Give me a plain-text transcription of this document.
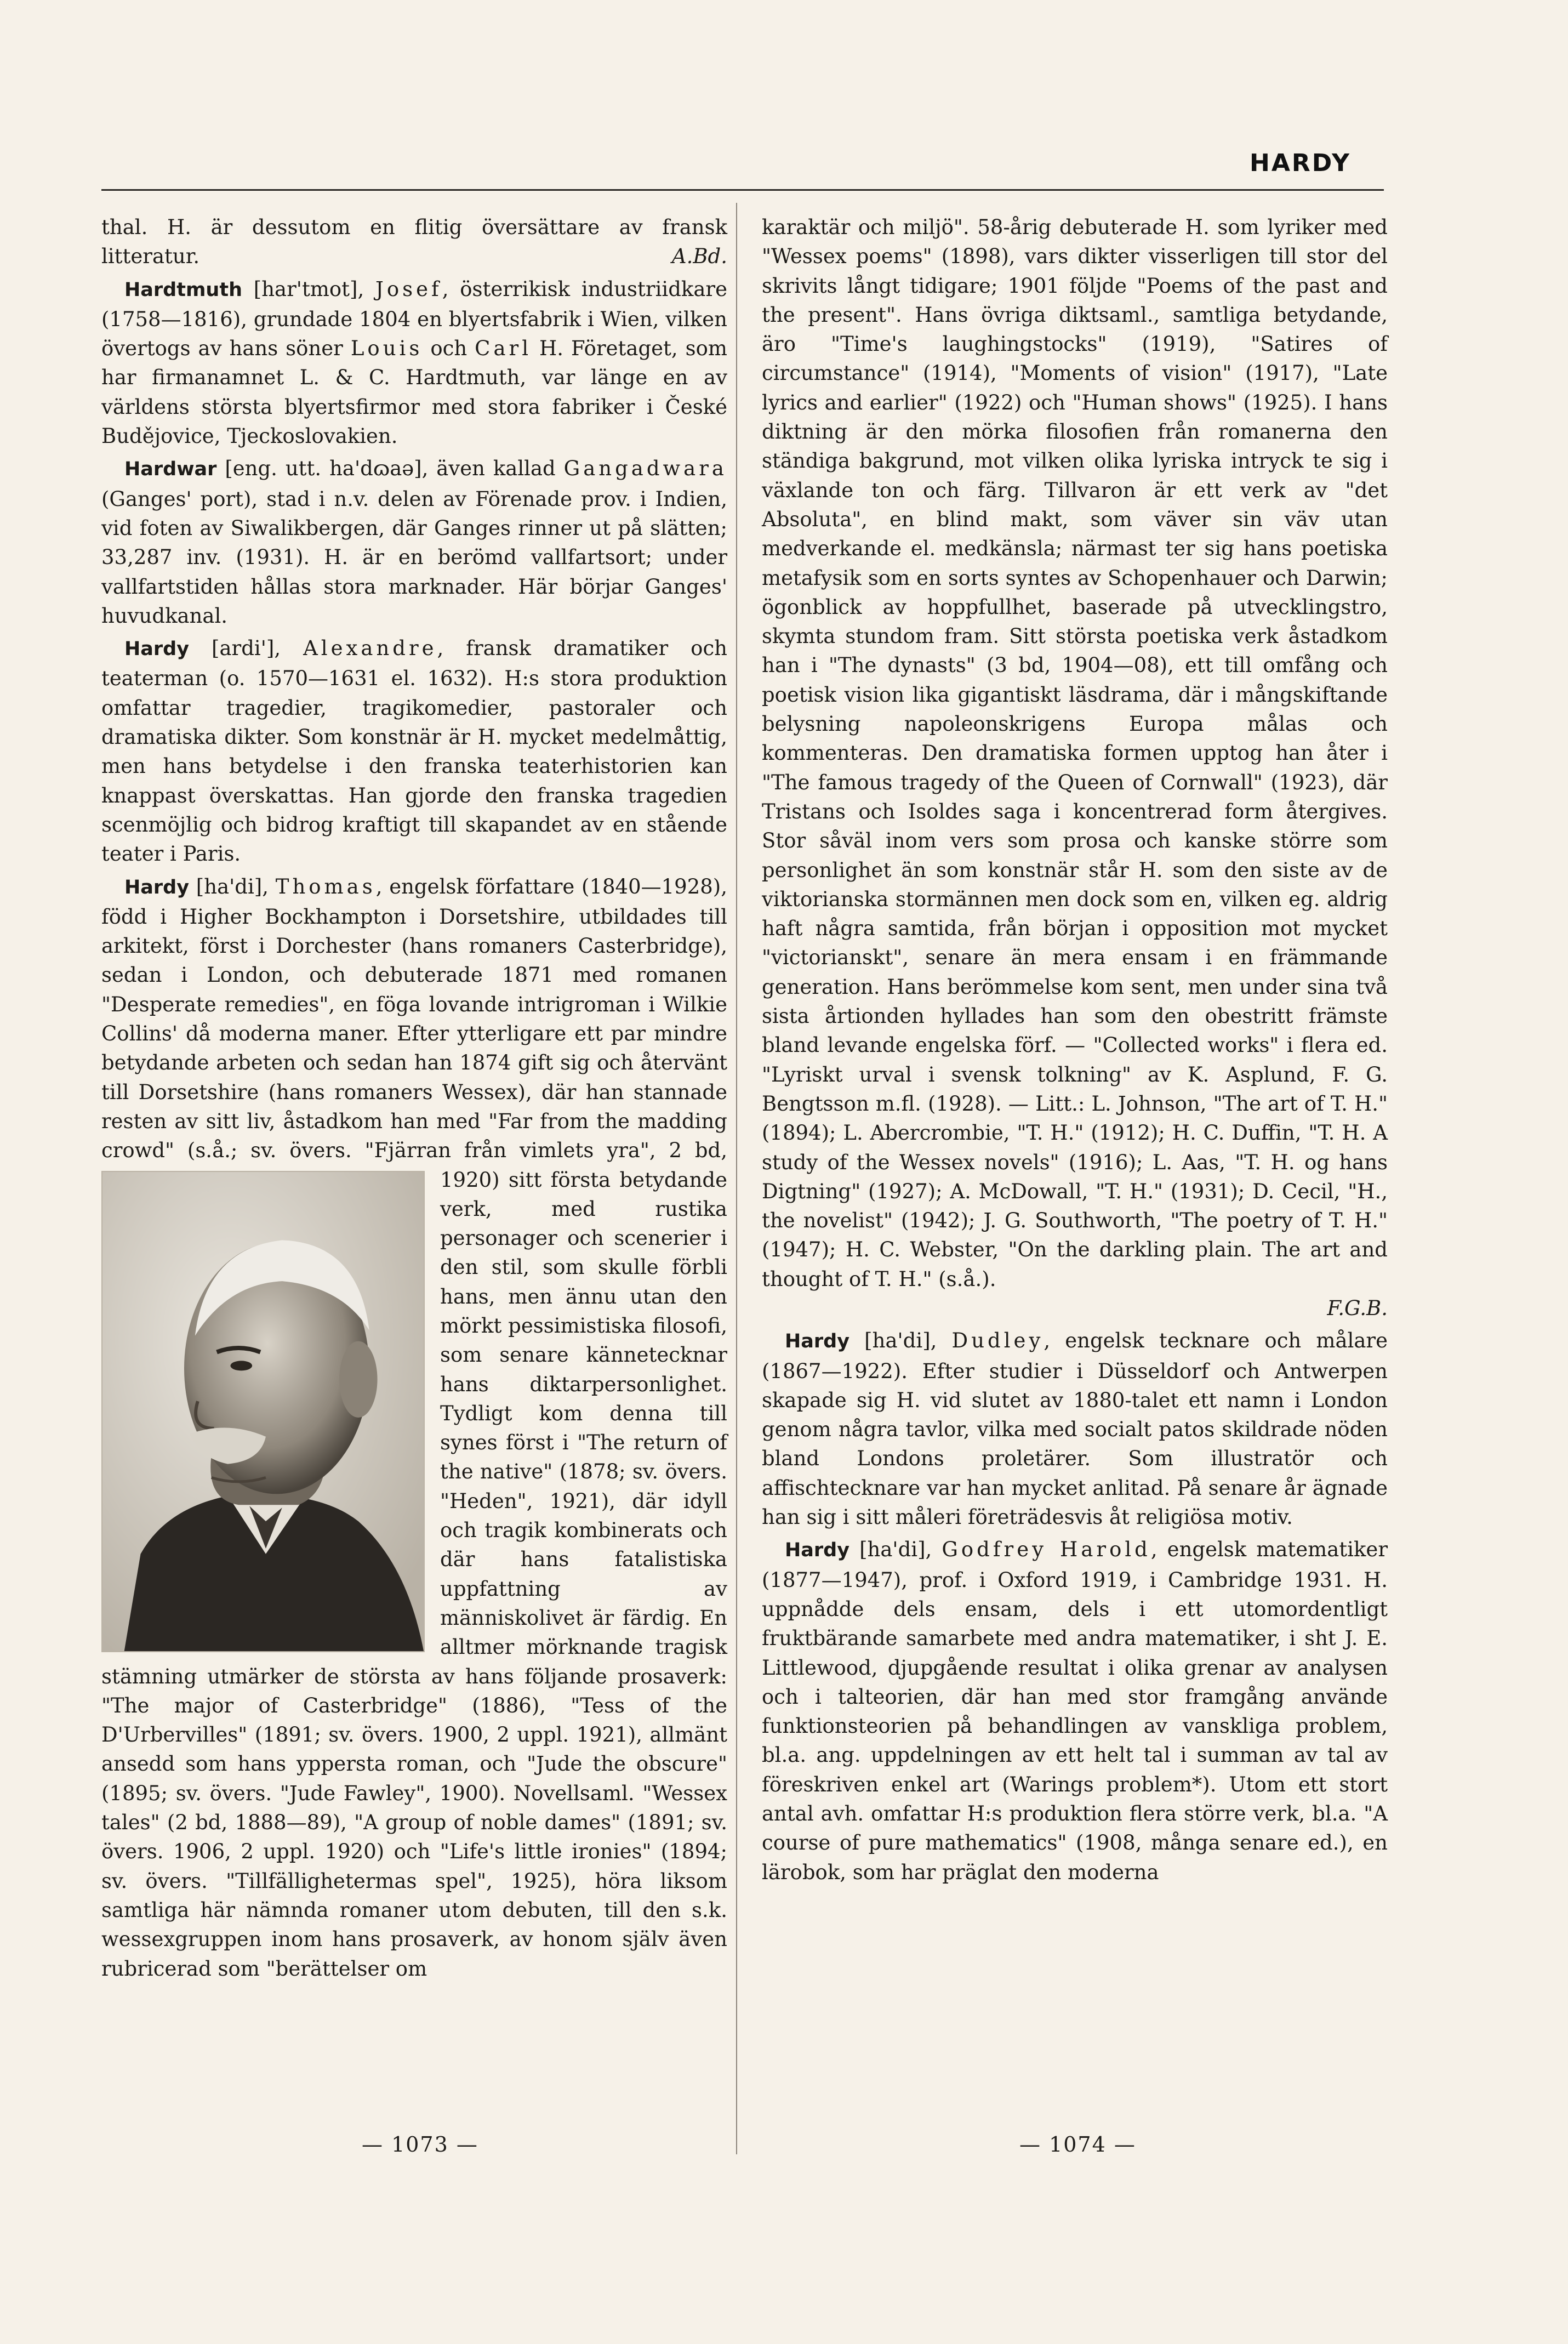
HARDY

thal. H. är dessutom en flitig översättare av fransk litteratur.	A.Bd.

Hardtmuth [har'tmot], Josef, österrikisk industriidkare (1758—1816), grundade 1804 en blyertsfabrik i Wien, vilken övertogs av hans söner Louis och Carl H. Företaget, som har firmanamnet L. & C. Hardtmuth, var länge en av världens största blyertsfirmor med stora fabriker i České Budějovice, Tjeckoslovakien.

Hardwar [eng. utt. ha'dɷaə], även kallad Gangadwara (Ganges' port), stad i n.v. delen av Förenade prov. i Indien, vid foten av Siwalikbergen, där Ganges rinner ut på slätten; 33,287 inv. (1931). H. är en berömd vallfartsort; under vallfartstiden hållas stora marknader. Här börjar Ganges' huvudkanal.

Hardy [ardi'], Alexandre, fransk dramatiker och teaterman (o. 1570—1631 el. 1632). H:s stora produktion omfattar tragedier, tragikomedier, pastoraler och dramatiska dikter. Som konstnär är H. mycket medelmåttig, men hans betydelse i den franska teaterhistorien kan knappast överskattas. Han gjorde den franska tragedien scenmöjlig och bidrog kraftigt till skapandet av en stående teater i Paris.

Hardy [ha'di], Thomas, engelsk författare (1840—1928), född i Higher Bockhampton i Dorsetshire, utbildades till arkitekt, först i Dorchester (hans romaners Casterbridge), sedan i London, och debuterade 1871 med romanen "Desperate remedies", en föga lovande intrigroman i Wilkie Collins' då moderna maner. Efter ytterligare ett par mindre betydande arbeten och sedan han 1874 gift sig och återvänt till Dorsetshire (hans romaners Wessex), där han stannade resten av sitt liv, åstadkom han med "Far from the madding crowd" (s.å.; sv. övers. "Fjärran från vimlets yra",
2 bd, 1920) sitt första betydande verk, med rustika personager och scenerier i den stil, som skulle förbli hans, men ännu utan den mörkt pessimistiska filosofi, som senare kännetecknar hans diktarpersonlighet. Tydligt kom denna till synes först i "The return of the native" (1878; sv. övers. "Heden", 1921), där idyll och tragik kombinerats och där hans fatalistiska uppfattning av människolivet är färdig. En alltmer mörknande tragisk stämning utmärker de största av hans följande prosaverk: "The major of Casterbridge" (1886), "Tess of the D'Urbervilles" (1891; sv. övers. 1900, 2 uppl. 1921), allmänt ansedd som hans yppersta roman, och "Jude the obscure" (1895; sv. övers. "Jude Fawley", 1900). Novellsaml. "Wessex tales" (2 bd, 1888—89), "A group of noble dames" (1891; sv. övers. 1906, 2 uppl. 1920) och "Life's little ironies" (1894; sv. övers. "Tillfällighetermas spel", 1925), höra liksom samtliga här nämnda romaner utom debuten, till den s.k. wessexgruppen inom hans prosaverk, av honom själv även rubricerad som "berättelser om

karaktär och miljö". 58-årig debuterade H. som lyriker med "Wessex poems" (1898), vars dikter visserligen till stor del skrivits långt tidigare; 1901 följde "Poems of the past and the present". Hans övriga diktsaml., samtliga betydande, äro "Time's laughingstocks" (1919), "Satires of circumstance" (1914), "Moments of vision" (1917), "Late lyrics and earlier" (1922) och "Human shows" (1925). I hans diktning är den mörka filosofien från romanerna den ständiga bakgrund, mot vilken olika lyriska intryck te sig i växlande ton och färg. Tillvaron är ett verk av "det Absoluta", en blind makt, som väver sin väv utan medverkande el. medkänsla; närmast ter sig hans poetiska metafysik som en sorts syntes av Schopenhauer och Darwin; ögonblick av hoppfullhet, baserade på utvecklingstro, skymta stundom fram. Sitt största poetiska verk åstadkom han i "The dynasts" (3 bd, 1904—08), ett till omfång och poetisk vision lika gigantiskt läsdrama, där i mångskiftande belysning napoleonskrigens Europa målas och kommenteras. Den dramatiska formen upptog han åter i "The famous tragedy of the Queen of Cornwall" (1923), där Tristans och Isoldes saga i koncentrerad form återgives. Stor såväl inom vers som prosa och kanske större som personlighet än som konstnär står H. som den siste av de viktorianska stormännen men dock som en, vilken eg. aldrig haft några samtida, från början i opposition mot mycket "victorianskt", senare än mera ensam i en främmande generation. Hans berömmelse kom sent, men under sina två sista årtionden hyllades han som den obestritt främste bland levande engelska förf. — "Collected works" i flera ed. "Lyriskt urval i svensk tolkning" av K. Asplund, F. G. Bengtsson m.fl. (1928). — Litt.: L. Johnson, "The art of T. H." (1894); L. Abercrombie, "T. H." (1912); H. C. Duffin, "T. H. A study of the Wessex novels" (1916); L. Aas, "T. H. og hans Digtning" (1927); A. McDowall, "T. H." (1931); D. Cecil, "H., the novelist" (1942); J. G. Southworth, "The poetry of T. H." (1947); H. C. Webster, "On the darkling plain. The art and thought of T. H." (s.å.).
F.G.B.

Hardy [ha'di], Dudley, engelsk tecknare och målare (1867—1922). Efter studier i Düsseldorf och Antwerpen skapade sig H. vid slutet av 1880-talet ett namn i London genom några tavlor, vilka med socialt patos skildrade nöden bland Londons proletärer. Som illustratör och affischtecknare var han mycket anlitad. På senare år ägnade han sig i sitt måleri företrädesvis åt religiösa motiv.

Hardy [ha'di], Godfrey Harold, engelsk matematiker (1877—1947), prof. i Oxford 1919, i Cambridge 1931. H. uppnådde dels ensam, dels i ett utomordentligt fruktbärande samarbete med andra matematiker, i sht J. E. Littlewood, djupgående resultat i olika grenar av analysen och i talteorien, där han med stor framgång använde funktionsteorien på behandlingen av vanskliga problem, bl.a. ang. uppdelningen av ett helt tal i summan av tal av föreskriven enkel art (Warings problem*). Utom ett stort antal avh. omfattar H:s produktion flera större verk, bl.a. "A course of pure mathematics" (1908, många senare ed.), en lärobok, som har präglat den moderna

— 1073 —	— 1074 —
